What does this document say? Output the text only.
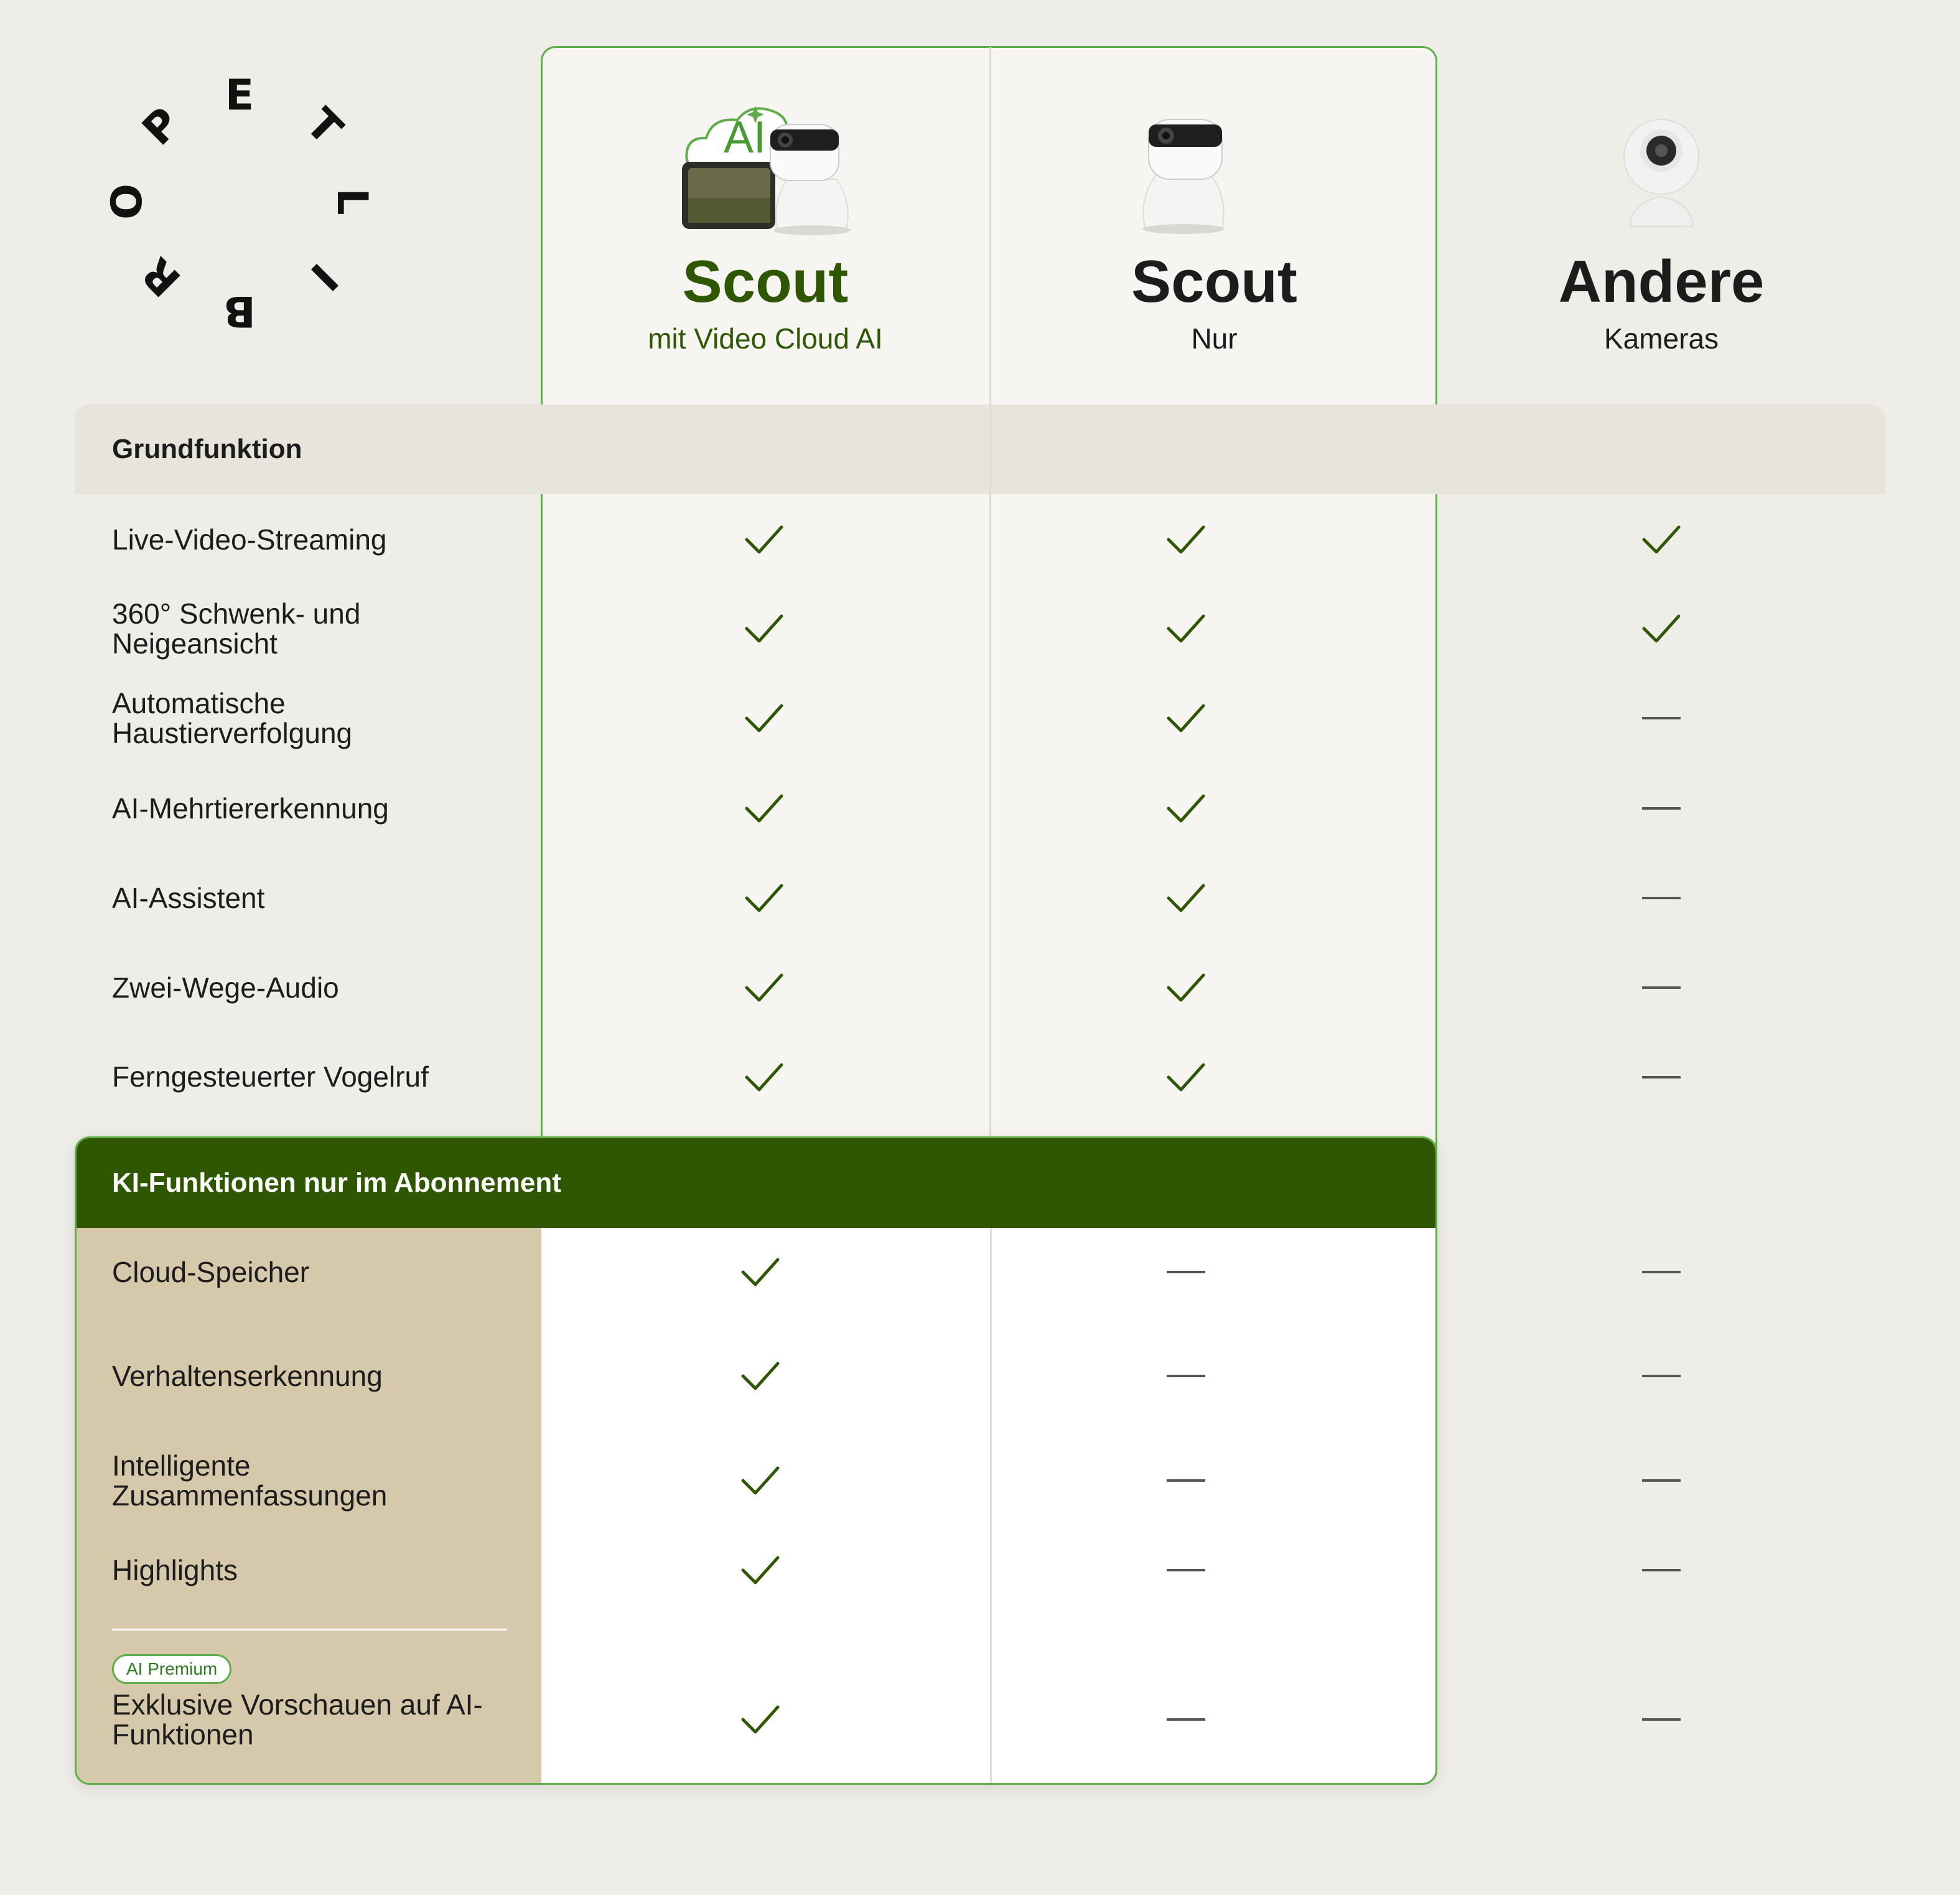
E
T
L
I
B
R
O
P
Grundfunktion
AI
Scout
mit Video Cloud AI
Scout
Nur
Andere
Kameras
Live-Video-Streaming
360° Schwenk- und Neigeansicht
Automatische Haustierverfolgung
AI-Mehrtiererkennung
AI-Assistent
Zwei-Wege-Audio
Ferngesteuerter Vogelruf
KI-Funktionen nur im Abonnement
Cloud-Speicher
Verhaltenserkennung
Intelligente Zusammenfassungen
Highlights
AI Premium
Exklusive Vorschauen auf AI-Funktionen
